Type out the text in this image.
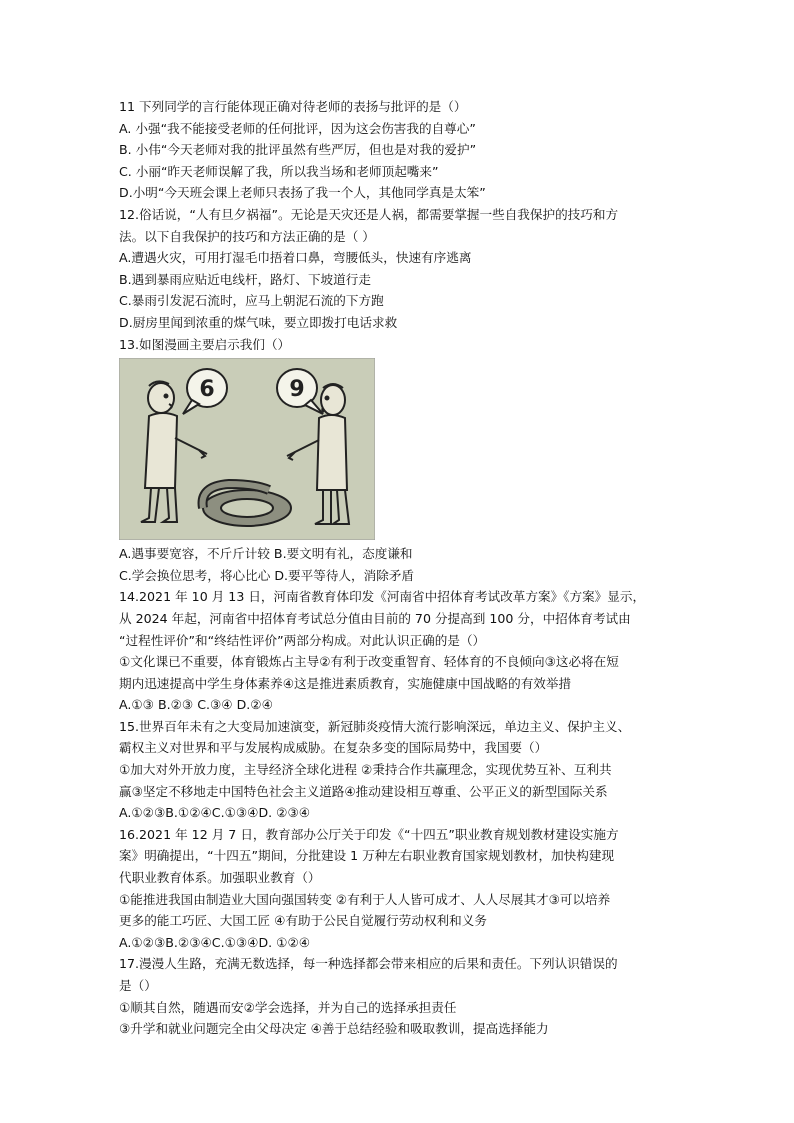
11 下列同学的言行能体现正确对待老师的表扬与批评的是（）
A. 小强“我不能接受老师的任何批评，因为这会伤害我的自尊心”
B. 小伟“今天老师对我的批评虽然有些严厉，但也是对我的爱护”
C. 小丽“昨天老师误解了我，所以我当场和老师顶起嘴来”
D.小明“今天班会课上老师只表扬了我一个人，其他同学真是太笨”
12.俗话说，“人有旦夕祸福”。无论是天灾还是人祸，都需要掌握一些自我保护的技巧和方
法。以下自我保护的技巧和方法正确的是（ ）
A.遭遇火灾，可用打湿毛巾捂着口鼻，弯腰低头，快速有序逃离
B.遇到暴雨应贴近电线杆，路灯、下坡道行走
C.暴雨引发泥石流时，应马上朝泥石流的下方跑
D.厨房里闻到浓重的煤气味，要立即拨打电话求救
13.如图漫画主要启示我们（）
6	9
A.遇事要宽容，不斤斤计较 B.要文明有礼，态度谦和
C.学会换位思考，将心比心 D.要平等待人，消除矛盾
14.2021 年 10 月 13 日，河南省教育体印发《河南省中招体育考试改革方案》《方案》显示，
从 2024 年起，河南省中招体育考试总分值由目前的 70 分提高到 100 分，中招体育考试由
“过程性评价”和“终结性评价”两部分构成。对此认识正确的是（）
①文化课已不重要，体育锻炼占主导②有利于改变重智育、轻体育的不良倾向③这必将在短
期内迅速提高中学生身体素养④这是推进素质教育，实施健康中国战略的有效举措
A.①③ B.②③ C.③④ D.②④
15.世界百年未有之大变局加速演变，新冠肺炎疫情大流行影响深远，单边主义、保护主义、
霸权主义对世界和平与发展构成威胁。在复杂多变的国际局势中，我国要（）
①加大对外开放力度，主导经济全球化进程 ②秉持合作共赢理念，实现优势互补、互利共
赢③坚定不移地走中国特色社会主义道路④推动建设相互尊重、公平正义的新型国际关系
A.①②③B.①②④C.①③④D. ②③④
16.2021 年 12 月 7 日，教育部办公厅关于印发《“十四五”职业教育规划教材建设实施方
案》明确提出，“十四五”期间，分批建设 1 万种左右职业教育国家规划教材，加快构建现
代职业教育体系。加强职业教育（）
①能推进我国由制造业大国向强国转变 ②有利于人人皆可成才、人人尽展其才③可以培养
更多的能工巧匠、大国工匠 ④有助于公民自觉履行劳动权利和义务
A.①②③B.②③④C.①③④D. ①②④
17.漫漫人生路，充满无数选择，每一种选择都会带来相应的后果和责任。下列认识错误的
是（）
①顺其自然，随遇而安②学会选择，并为自己的选择承担责任
③升学和就业问题完全由父母决定 ④善于总结经验和吸取教训，提高选择能力
